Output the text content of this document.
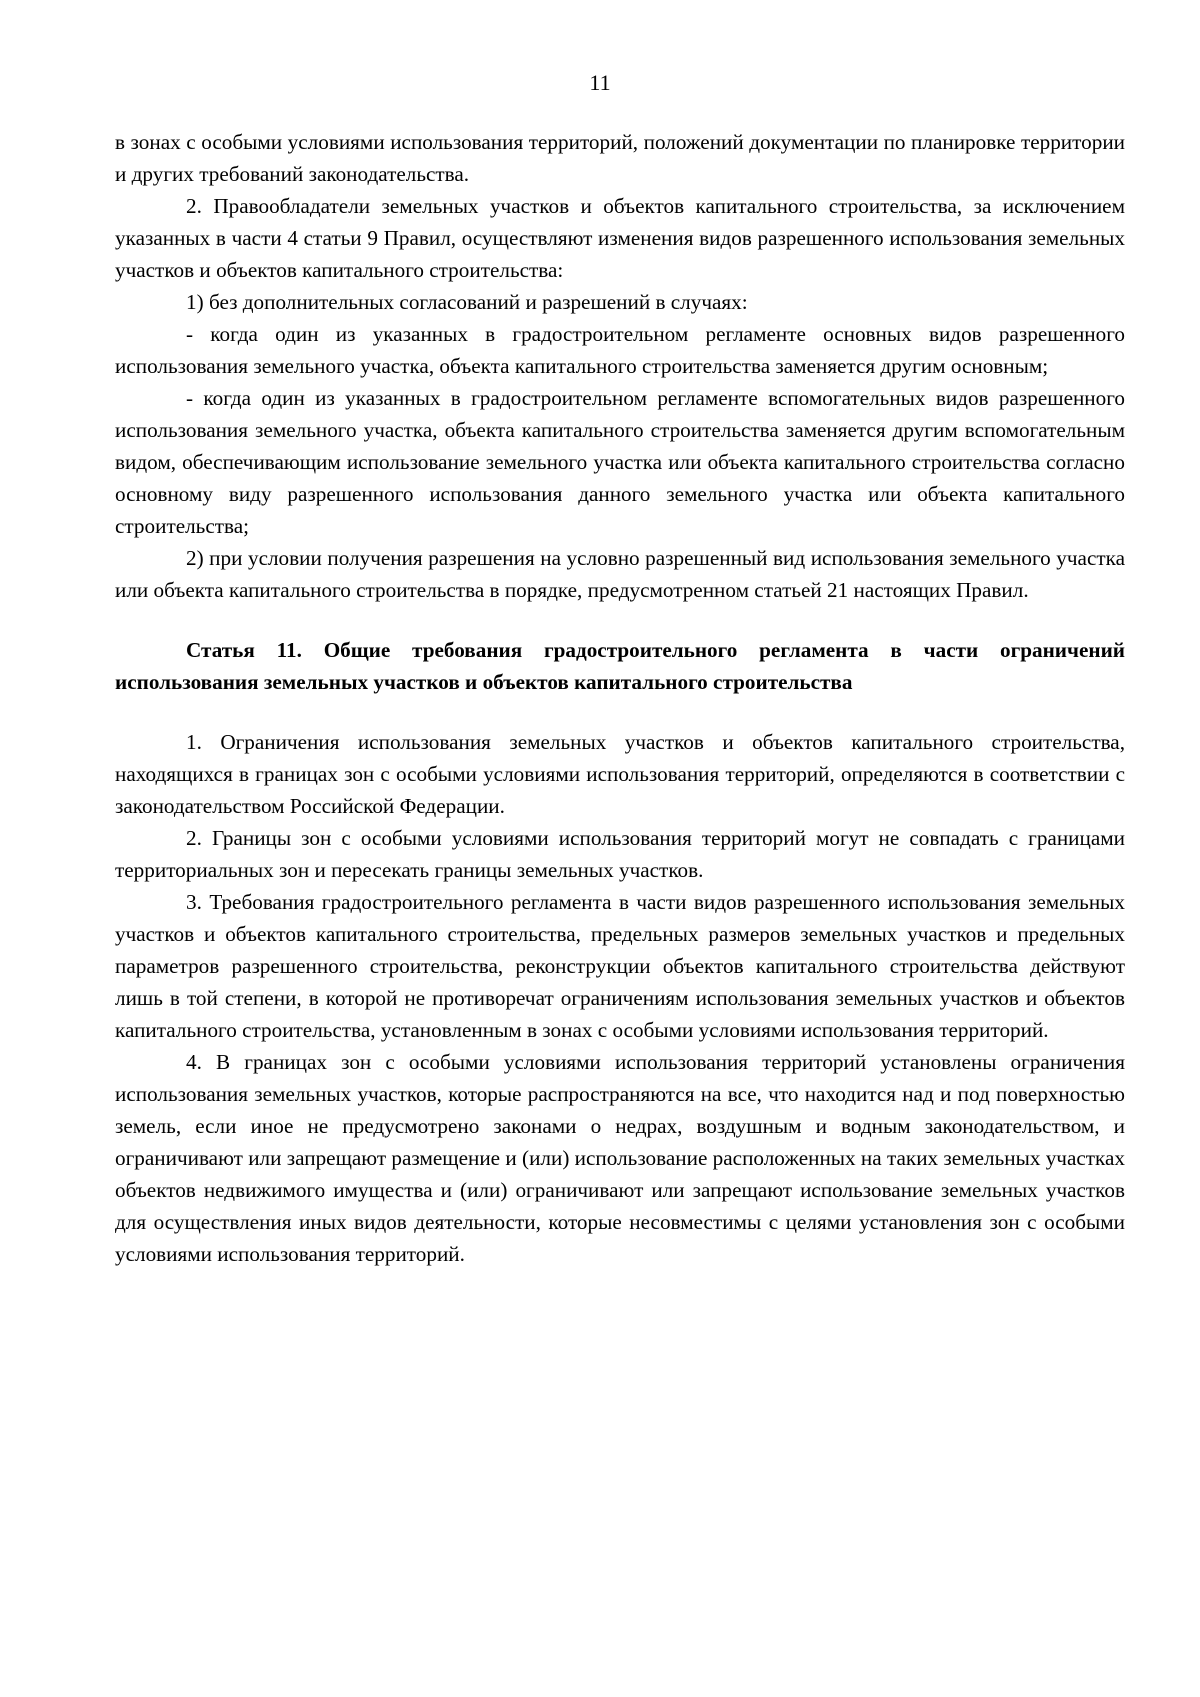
11

в зонах с особыми условиями использования территорий, положений документации по планировке территории и других требований законодательства.

2. Правообладатели земельных участков и объектов капитального строительства, за исключением указанных в части 4 статьи 9 Правил, осуществляют изменения видов разрешенного использования земельных участков и объектов капитального строительства:

1) без дополнительных согласований и разрешений в случаях:

- когда один из указанных в градостроительном регламенте основных видов разрешенного использования земельного участка, объекта капитального строительства заменяется другим основным;

- когда один из указанных в градостроительном регламенте вспомогательных видов разрешенного использования земельного участка, объекта капитального строительства заменяется другим вспомогательным видом, обеспечивающим использование земельного участка или объекта капитального строительства согласно основному виду разрешенного использования данного земельного участка или объекта капитального строительства;

2) при условии получения разрешения на условно разрешенный вид использования земельного участка или объекта капитального строительства в порядке, предусмотренном статьей 21 настоящих Правил.

Статья 11. Общие требования градостроительного регламента в части ограничений использования земельных участков и объектов капитального строительства

1. Ограничения использования земельных участков и объектов капитального строительства, находящихся в границах зон с особыми условиями использования территорий, определяются в соответствии с законодательством Российской Федерации.

2. Границы зон с особыми условиями использования территорий могут не совпадать с границами территориальных зон и пересекать границы земельных участков.

3. Требования градостроительного регламента в части видов разрешенного использования земельных участков и объектов капитального строительства, предельных размеров земельных участков и предельных параметров разрешенного строительства, реконструкции объектов капитального строительства действуют лишь в той степени, в которой не противоречат ограничениям использования земельных участков и объектов капитального строительства, установленным в зонах с особыми условиями использования территорий.

4. В границах зон с особыми условиями использования территорий установлены ограничения использования земельных участков, которые распространяются на все, что находится над и под поверхностью земель, если иное не предусмотрено законами о недрах, воздушным и водным законодательством, и ограничивают или запрещают размещение и (или) использование расположенных на таких земельных участках объектов недвижимого имущества и (или) ограничивают или запрещают использование земельных участков для осуществления иных видов деятельности, которые несовместимы с целями установления зон с особыми условиями использования территорий.
